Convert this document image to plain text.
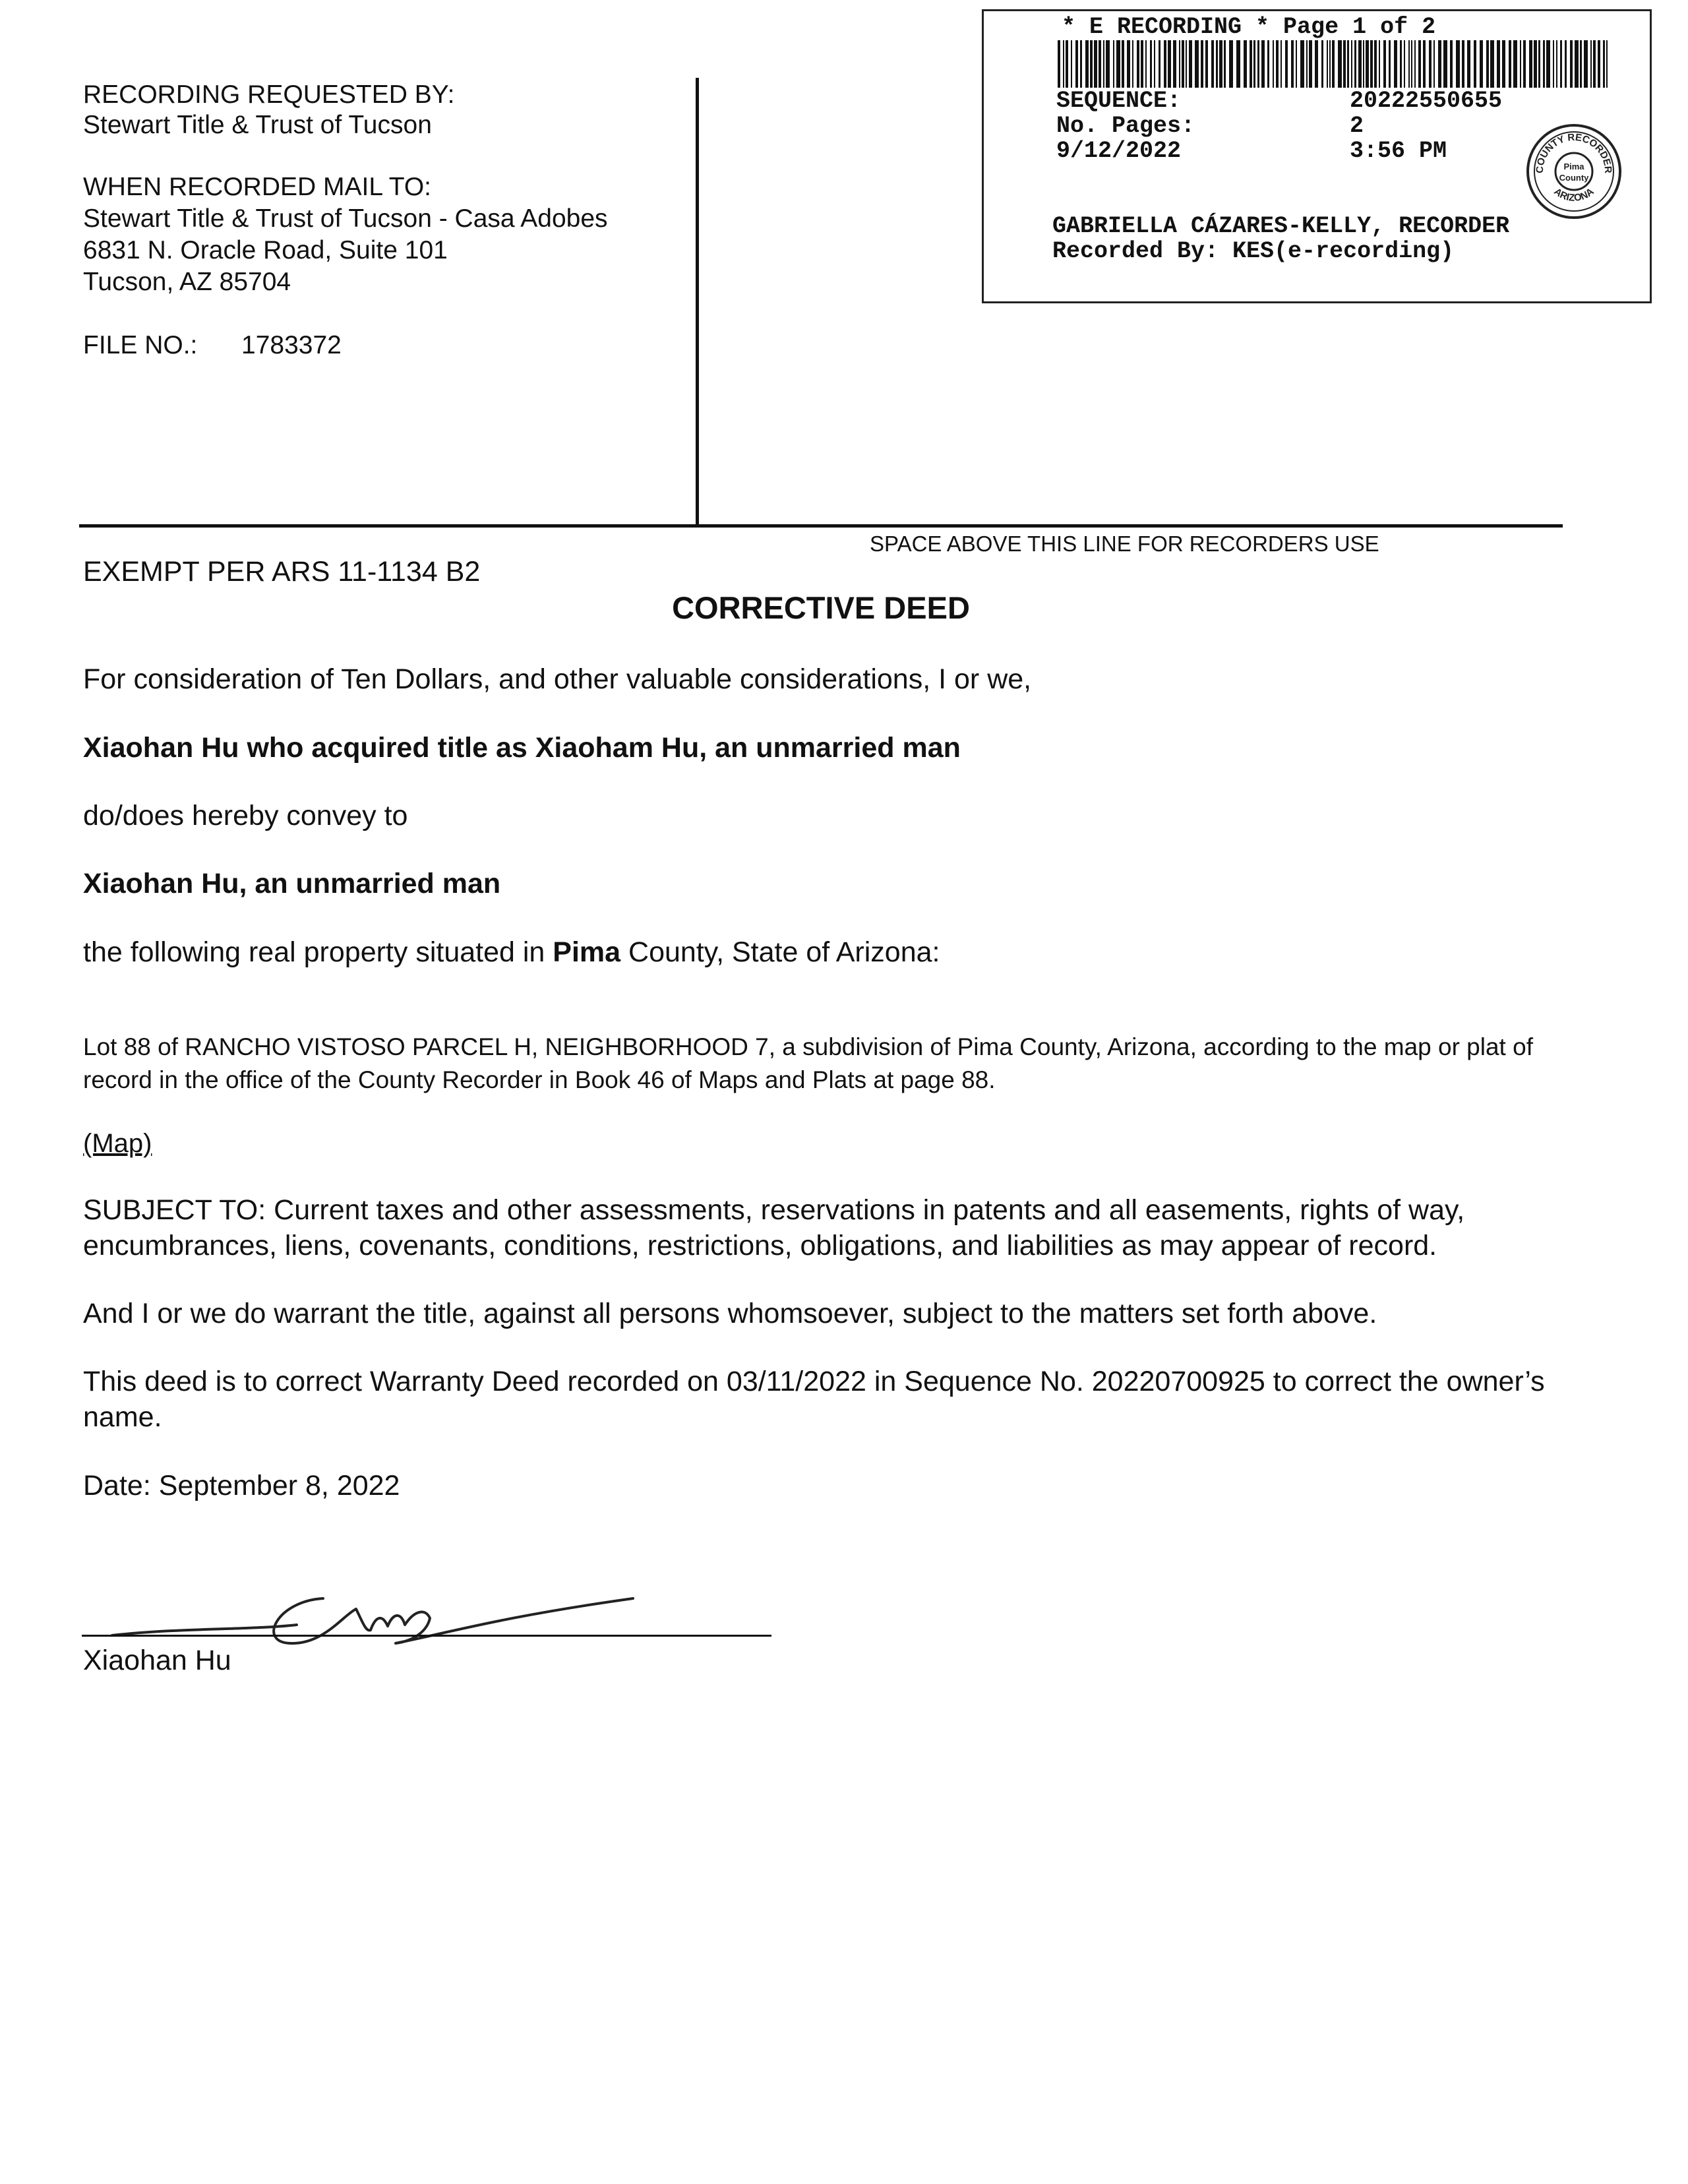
RECORDING REQUESTED BY:
Stewart Title & Trust of Tucson
WHEN RECORDED MAIL TO:
Stewart Title & Trust of Tucson - Casa Adobes
6831 N. Oracle Road, Suite 101
Tucson, AZ 85704
FILE NO.: 1783372
* E RECORDING * Page 1 of 2
SEQUENCE:	20222550655
No. Pages:	2
9/12/2022	3:56 PM
COUNTY RECORDER
ARIZONA
Pima
County
GABRIELLA CÁZARES-KELLY, RECORDER
Recorded By: KES(e-recording)
SPACE ABOVE THIS LINE FOR RECORDERS USE
EXEMPT PER ARS 11-1134 B2
CORRECTIVE DEED
For consideration of Ten Dollars, and other valuable considerations, I or we,
Xiaohan Hu who acquired title as Xiaoham Hu, an unmarried man
do/does hereby convey to
Xiaohan Hu, an unmarried man
the following real property situated in Pima County, State of Arizona:
Lot 88 of RANCHO VISTOSO PARCEL H, NEIGHBORHOOD 7, a subdivision of Pima County, Arizona, according to the map or plat of record in the office of the County Recorder in Book 46 of Maps and Plats at page 88.
(Map)
SUBJECT TO: Current taxes and other assessments, reservations in patents and all easements, rights of way, encumbrances, liens, covenants, conditions, restrictions, obligations, and liabilities as may appear of record.
And I or we do warrant the title, against all persons whomsoever, subject to the matters set forth above.
This deed is to correct Warranty Deed recorded on 03/11/2022 in Sequence No. 20220700925 to correct the owner’s name.
Date: September 8, 2022
Xiaohan Hu
